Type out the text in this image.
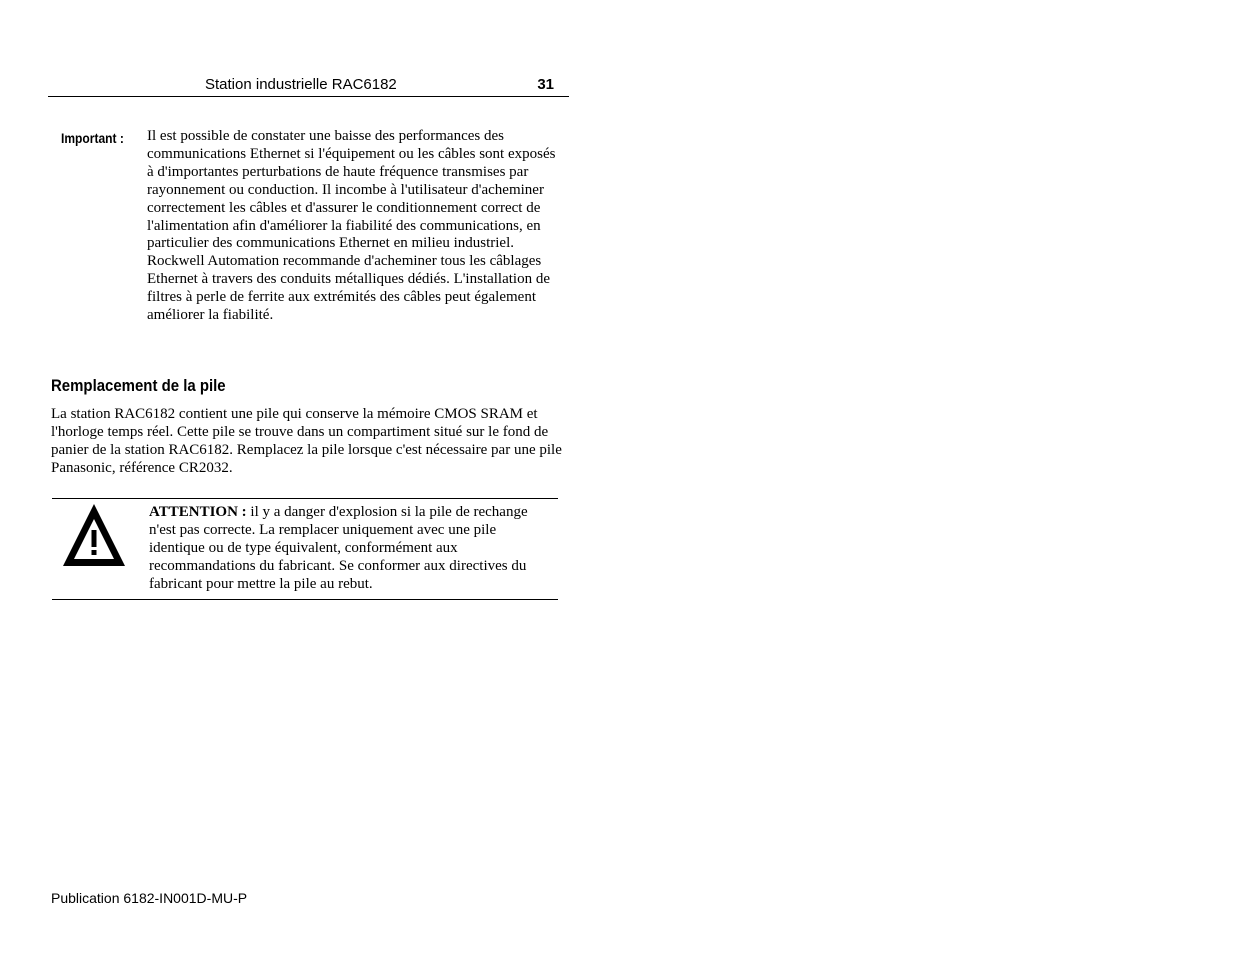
Station industrielle RAC6182	31
Important : Il est possible de constater une baisse des performances des communications Ethernet si l'équipement ou les câbles sont exposés à d'importantes perturbations de haute fréquence transmises par rayonnement ou conduction. Il incombe à l'utilisateur d'acheminer correctement les câbles et d'assurer le conditionnement correct de l'alimentation afin d'améliorer la fiabilité des communications, en particulier des communications Ethernet en milieu industriel. Rockwell Automation recommande d'acheminer tous les câblages Ethernet à travers des conduits métalliques dédiés. L'installation de filtres à perle de ferrite aux extrémités des câbles peut également améliorer la fiabilité.

Remplacement de la pile

La station RAC6182 contient une pile qui conserve la mémoire CMOS SRAM et l'horloge temps réel. Cette pile se trouve dans un compartiment situé sur le fond de panier de la station RAC6182. Remplacez la pile lorsque c'est nécessaire par une pile Panasonic, référence CR2032.

ATTENTION : il y a danger d'explosion si la pile de rechange n'est pas correcte. La remplacer uniquement avec une pile identique ou de type équivalent, conformément aux recommandations du fabricant. Se conformer aux directives du fabricant pour mettre la pile au rebut.

Publication 6182-IN001D-MU-P
